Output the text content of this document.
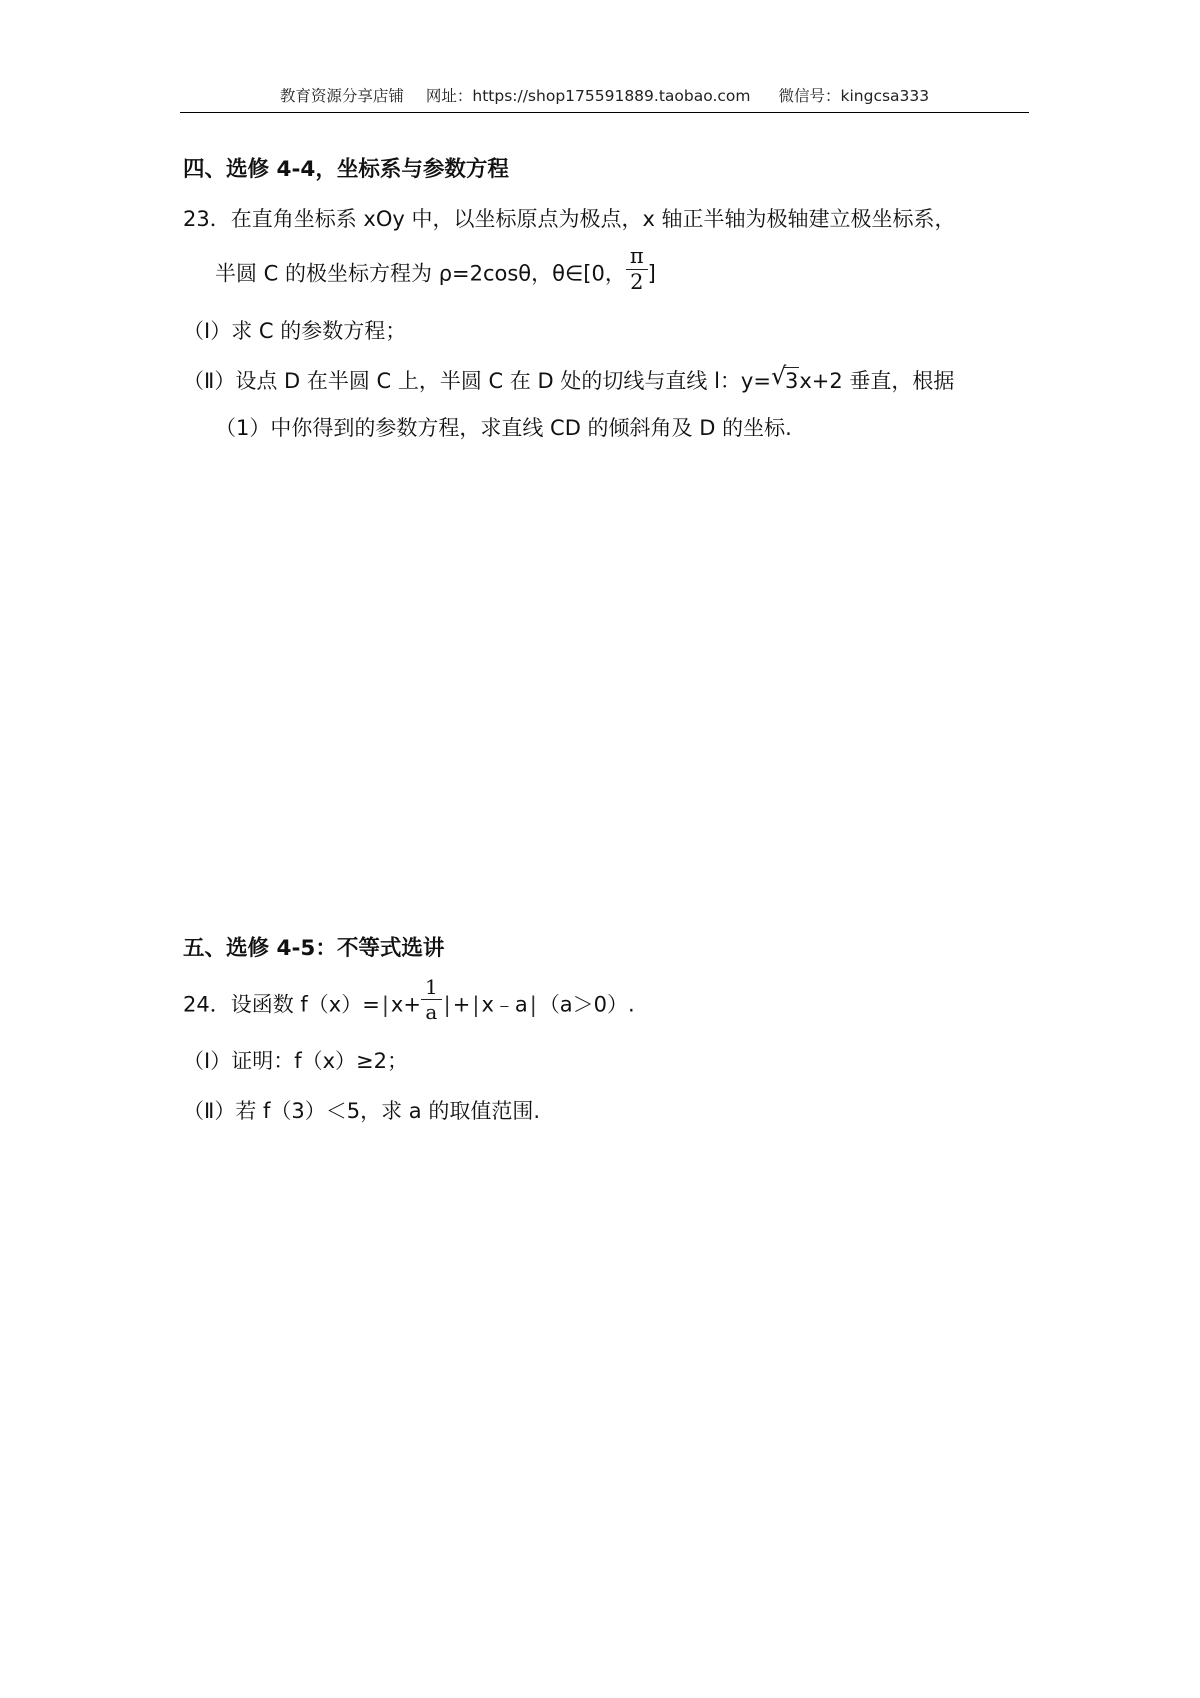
教育资源分享店铺 网址：https://shop175591889.taobao.com 微信号：kingcsa333
四、选修 4-4，坐标系与参数方程
23．在直角坐标系 xOy 中，以坐标原点为极点，x 轴正半轴为极轴建立极坐标系，
半圆 C 的极坐标方程为 ρ=2cosθ，θ∈[0， $\frac{\pi}{2}$ ]
（Ⅰ）求 C 的参数方程；
（Ⅱ）设点 D 在半圆 C 上，半圆 C 在 D 处的切线与直线 l：y= √
3x+2 垂直，根据
（1）中你得到的参数方程，求直线 CD 的倾斜角及 D 的坐标.
五、选修 4-5：不等式选讲
24．设函数 $f(x)=|x+ \frac{1}{a}$ |+|x﹣a|（a＞0）.
（Ⅰ）证明：f（x）≥2；
（Ⅱ）若 f（3）＜5，求 a 的取值范围.
